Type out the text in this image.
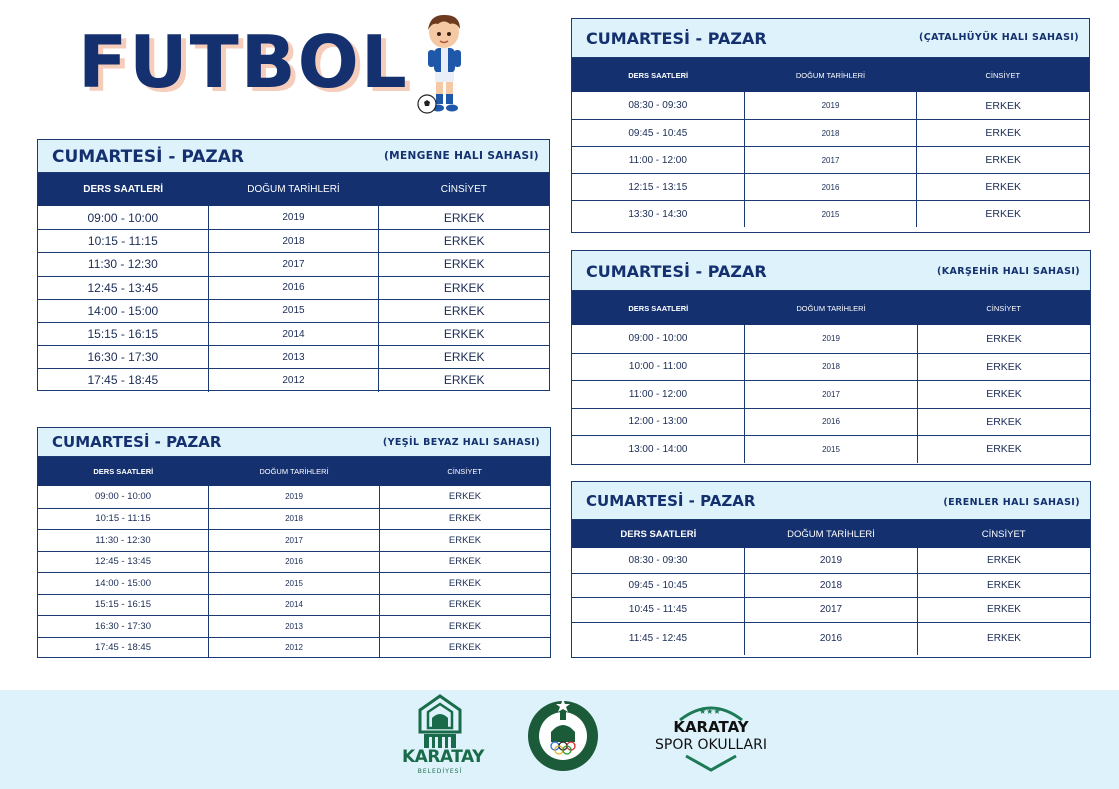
FUTBOL
CUMARTESİ - PAZAR	(MENGENE HALI SAHASI)
DERS SAATLERİ	DOĞUM TARİHLERİ	CİNSİYET
09:00 - 10:00	2019	ERKEK
10:15 - 11:15	2018	ERKEK
11:30 - 12:30	2017	ERKEK
12:45 - 13:45	2016	ERKEK
14:00 - 15:00	2015	ERKEK
15:15 - 16:15	2014	ERKEK
16:30 - 17:30	2013	ERKEK
17:45 - 18:45	2012	ERKEK
CUMARTESİ - PAZAR	(YEŞİL BEYAZ HALI SAHASI)
DERS SAATLERİ	DOĞUM TARİHLERİ	CİNSİYET
09:00 - 10:00	2019	ERKEK
10:15 - 11:15	2018	ERKEK
11:30 - 12:30	2017	ERKEK
12:45 - 13:45	2016	ERKEK
14:00 - 15:00	2015	ERKEK
15:15 - 16:15	2014	ERKEK
16:30 - 17:30	2013	ERKEK
17:45 - 18:45	2012	ERKEK
CUMARTESİ - PAZAR	(ÇATALHÜYÜK HALI SAHASI)
DERS SAATLERİ	DOĞUM TARİHLERİ	CİNSİYET
08:30 - 09:30	2019	ERKEK
09:45 - 10:45	2018	ERKEK
11:00 - 12:00	2017	ERKEK
12:15 - 13:15	2016	ERKEK
13:30 - 14:30	2015	ERKEK
CUMARTESİ - PAZAR	(KARŞEHİR HALI SAHASI)
DERS SAATLERİ	DOĞUM TARİHLERİ	CİNSİYET
09:00 - 10:00	2019	ERKEK
10:00 - 11:00	2018	ERKEK
11:00 - 12:00	2017	ERKEK
12:00 - 13:00	2016	ERKEK
13:00 - 14:00	2015	ERKEK
CUMARTESİ - PAZAR	(ERENLER HALI SAHASI)
DERS SAATLERİ	DOĞUM TARİHLERİ	CİNSİYET
08:30 - 09:30	2019	ERKEK
09:45 - 10:45	2018	ERKEK
10:45 - 11:45	2017	ERKEK
11:45 - 12:45	2016	ERKEK
KARATAY
BELEDİYESİ
★★★
KARATAY
SPOR OKULLARI
